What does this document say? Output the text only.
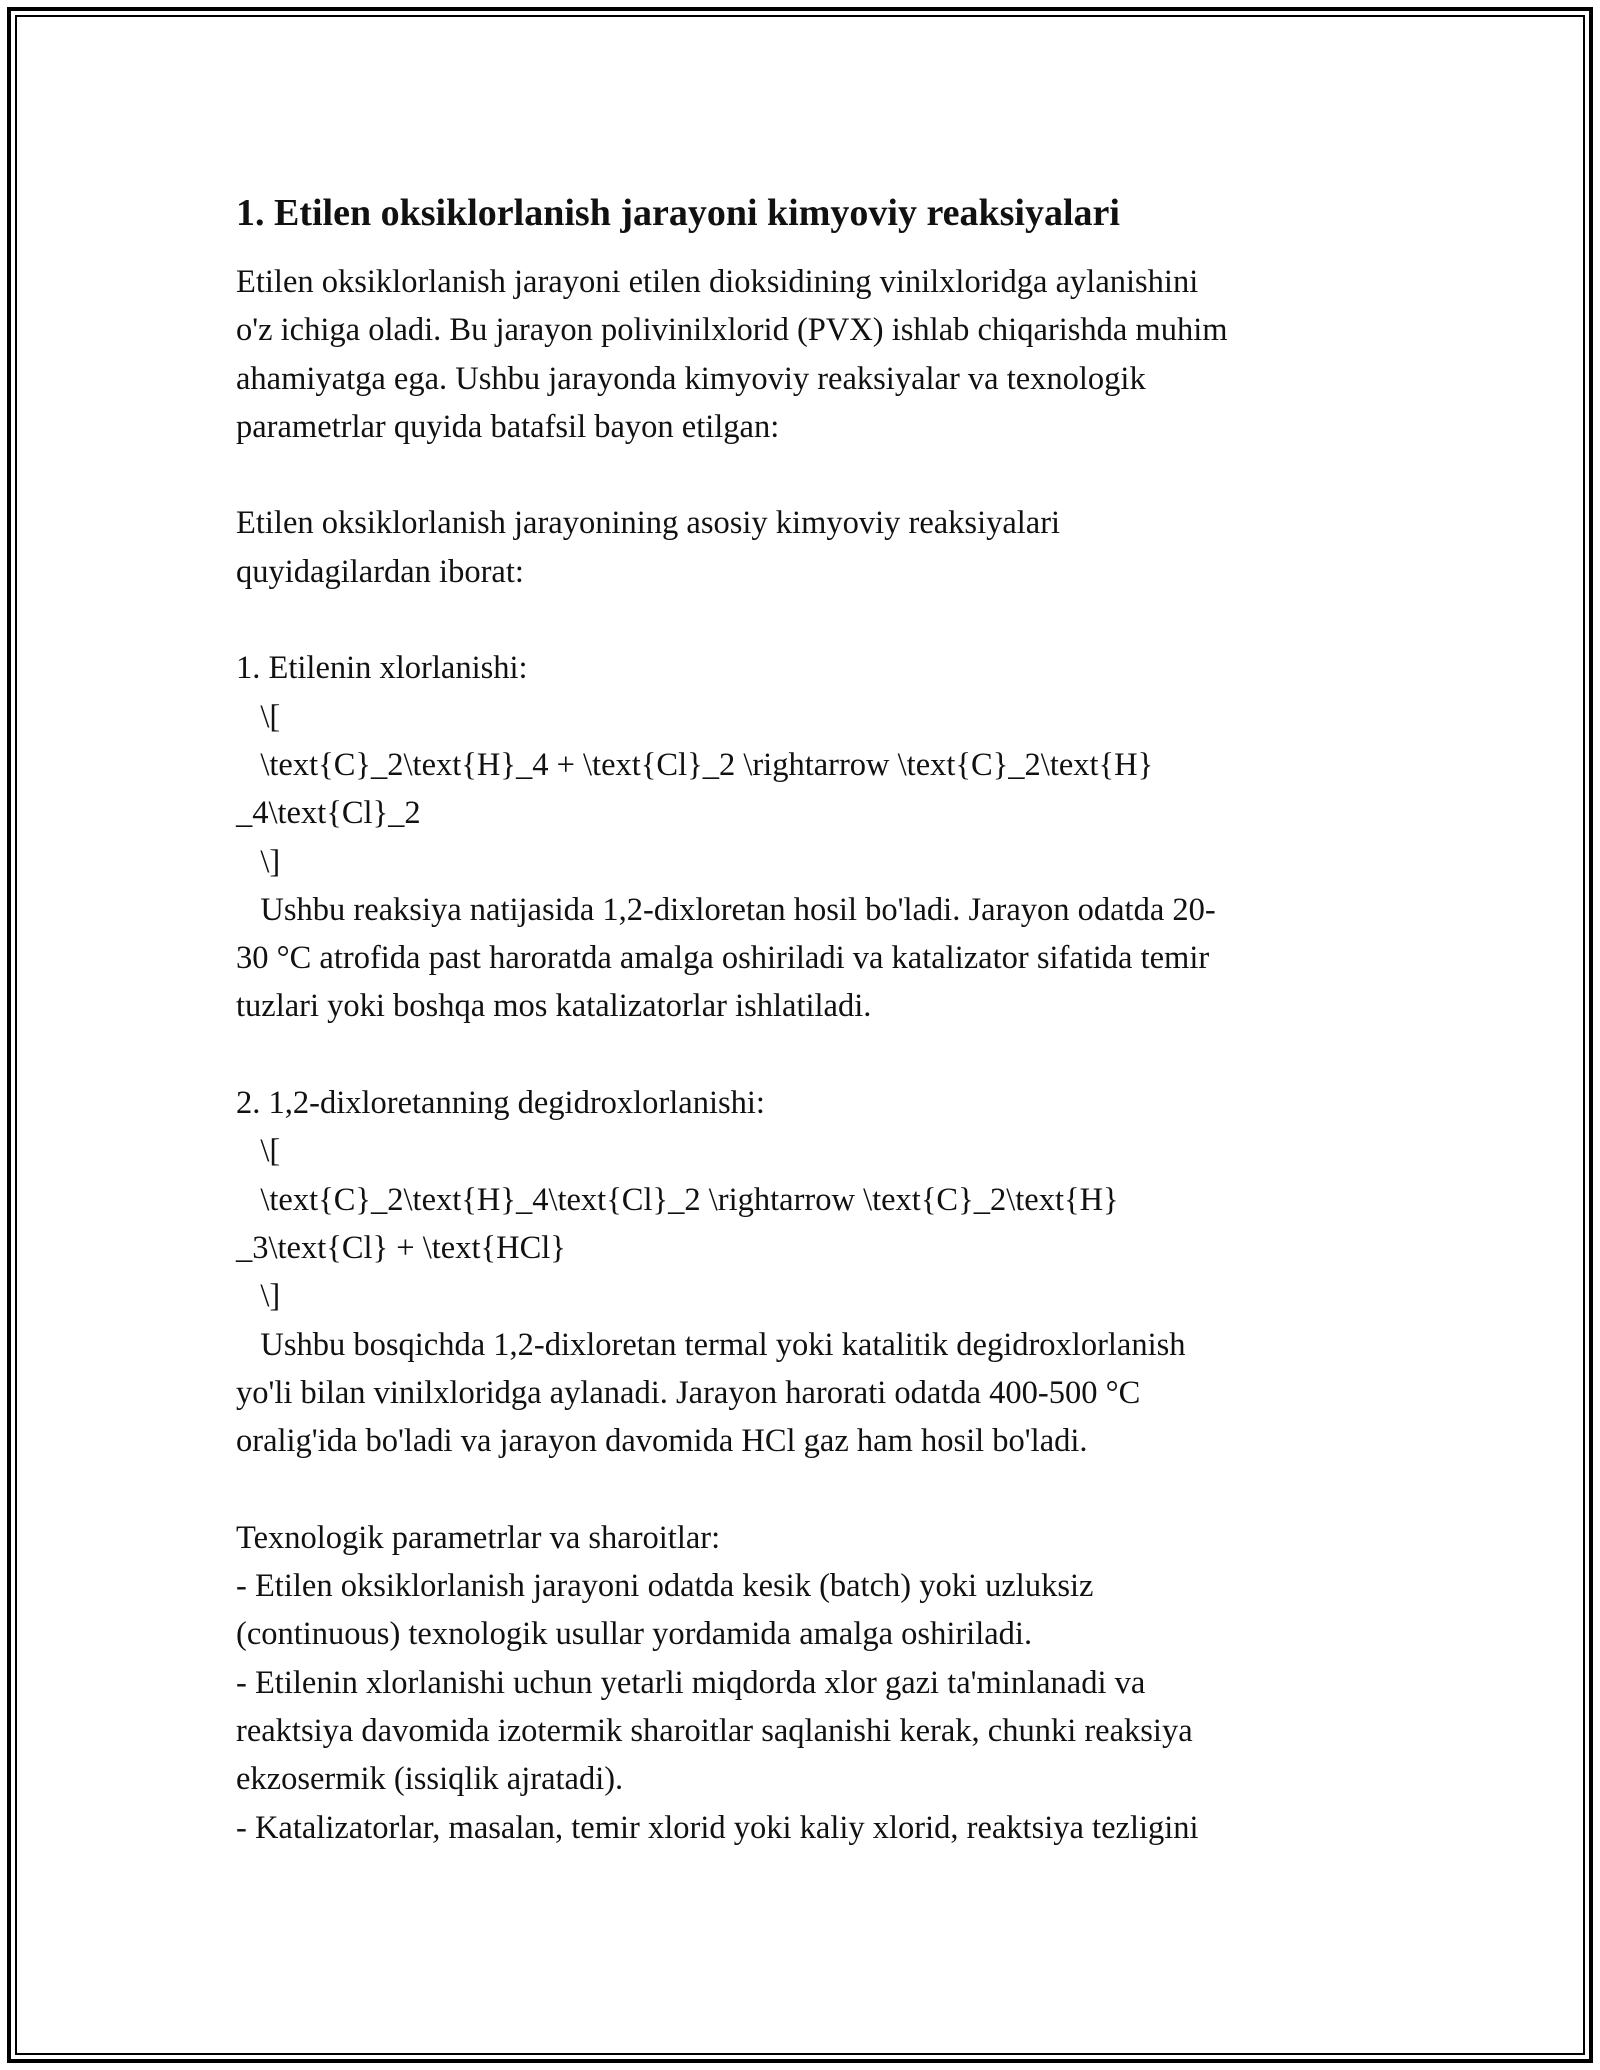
1. Etilen oksiklorlanish jarayoni kimyoviy reaksiyalari
Etilen oksiklorlanish jarayoni etilen dioksidining vinilxloridga aylanishini
o'z ichiga oladi. Bu jarayon polivinilxlorid (PVX) ishlab chiqarishda muhim
ahamiyatga ega. Ushbu jarayonda kimyoviy reaksiyalar va texnologik
parametrlar quyida batafsil bayon etilgan:
Etilen oksiklorlanish jarayonining asosiy kimyoviy reaksiyalari
quyidagilardan iborat:
1. Etilenin xlorlanishi:
\[
\text{C}_2\text{H}_4 + \text{Cl}_2 \rightarrow \text{C}_2\text{H}
_4\text{Cl}_2
\]
Ushbu reaksiya natijasida 1,2-dixloretan hosil bo'ladi. Jarayon odatda 20-
30 °C atrofida past haroratda amalga oshiriladi va katalizator sifatida temir
tuzlari yoki boshqa mos katalizatorlar ishlatiladi.
2. 1,2-dixloretanning degidroxlorlanishi:
\[
\text{C}_2\text{H}_4\text{Cl}_2 \rightarrow \text{C}_2\text{H}
_3\text{Cl} + \text{HCl}
\]
Ushbu bosqichda 1,2-dixloretan termal yoki katalitik degidroxlorlanish
yo'li bilan vinilxloridga aylanadi. Jarayon harorati odatda 400-500 °C
oralig'ida bo'ladi va jarayon davomida HCl gaz ham hosil bo'ladi.
Texnologik parametrlar va sharoitlar:
- Etilen oksiklorlanish jarayoni odatda kesik (batch) yoki uzluksiz
(continuous) texnologik usullar yordamida amalga oshiriladi.
- Etilenin xlorlanishi uchun yetarli miqdorda xlor gazi ta'minlanadi va
reaktsiya davomida izotermik sharoitlar saqlanishi kerak, chunki reaksiya
ekzosermik (issiqlik ajratadi).
- Katalizatorlar, masalan, temir xlorid yoki kaliy xlorid, reaktsiya tezligini
